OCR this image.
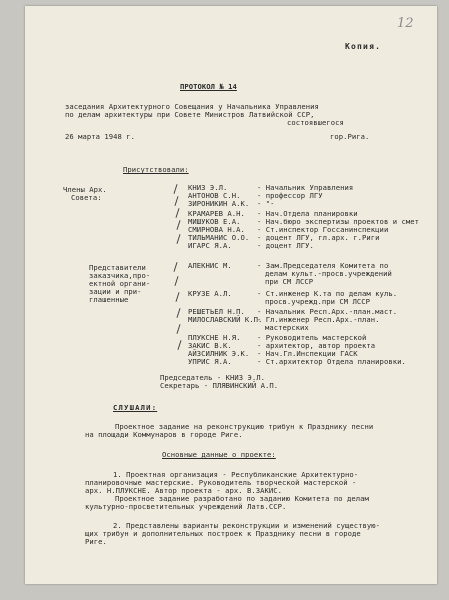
12
Копия.
ПРОТОКОЛ № 14
заседания Архитектурного Совещания у Начальника Управления
по делам архитектуры при Совете Министров Латвийской ССР,
состоявшегося
26 марта 1948 г.	гор.Рига.
Присутствовали:
Члены Арх.
Совета:
КНИЗ Э.Л.	- Начальник Управления
АНТОНОВ С.Н. - профессор ЛГУ
ЗИРОНИКИН А.К. - "-
КРАМАРЕВ А.Н. - Нач.Отдела планировки
МИШУКОВ Е.А. - Нач.бюро экспертизы проектов и смет
СМИРНОВА Н.А. - Ст.инспектор Госсанинспекции
ТИЛЬМАНИС О.О. - доцент ЛГУ, гл.арх. г.Риги
ИГАРС Я.А.	- доцент ЛГУ.
Представители
заказчика,про-
ектной органи-
зации и при-
глашенные
АЛЕКНИС М.	- Зам.Председателя Комитета по
делам культ.-просв.учреждений
при СМ ЛССР
КРУЗЕ А.Л.	- Ст.инженер К.та по делам куль.
просв.учрежд.при СМ ЛССР
РЕШЕТЬЕЛ Н.П. - Начальник Респ.Арх.-план.маст.
МИЛОСЛАВСКИЙ К.П.
- Гл.инженер Респ.Арх.-план.
мастерских
ПЛУКСНЕ Н.Я. - Руководитель мастерской
ЗАКИС В.К.	- архитектор, автор проекта
АЙЗСИЛНИК Э.К. - Нач.Гл.Инспекции ГАСК
УПРИС Я.А.	- Ст.архитектор Отдела планировки.
Председатель - КНИЗ Э.Л.
Секретарь - ПЛЯВИНСКИЙ А.П.
СЛУШАЛИ:
Проектное задание на реконструкцию трибун к Празднику песни
на площади Коммунаров в городе Риге.
Основные данные о проекте:
1. Проектная организация - Республиканские Архитектурно-
планировочные мастерские. Руководитель творческой мастерской -
арх. Н.ПЛУКСНЕ. Автор проекта - арх. В.ЗАКИС.
Проектное задание разработано по заданию Комитета по делам
культурно-просветительных учреждений Латв.ССР.
2. Представлены варианты реконструкции и изменений существую-
щих трибун и дополнительных построек к Празднику песни в городе
Риге.
